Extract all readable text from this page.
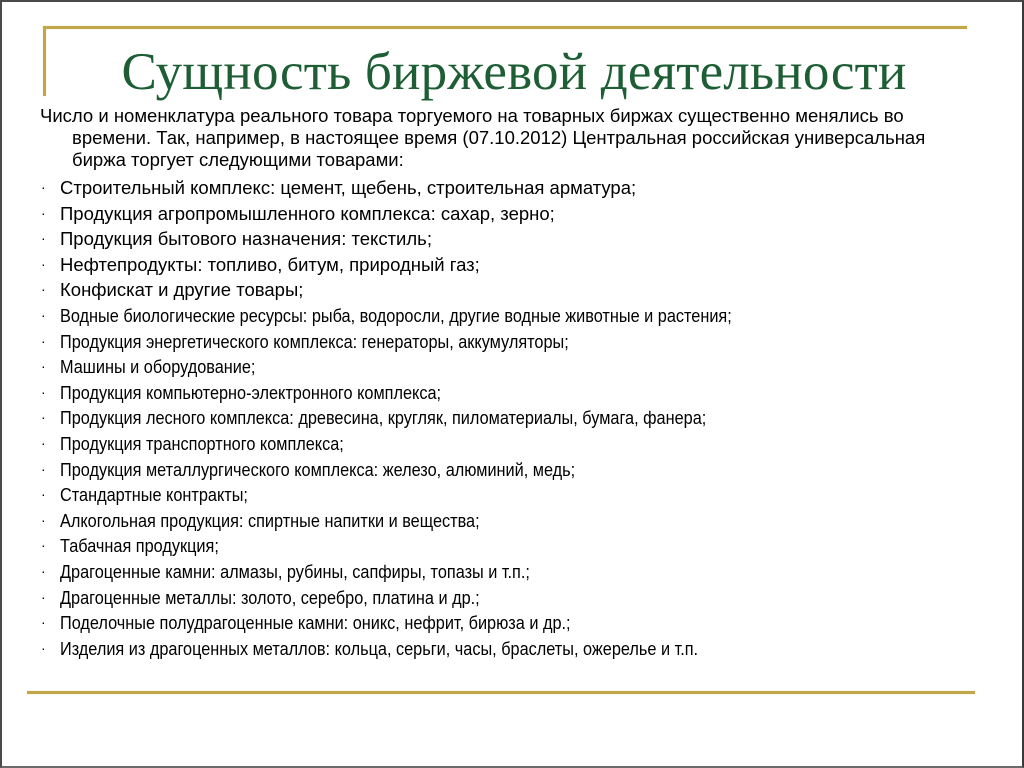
Сущность биржевой деятельности

Число и номенклатура реального товара торгуемого на товарных биржах существенно менялись во времени. Так, например, в настоящее время (07.10.2012) Центральная российская универсальная биржа торгует следующими товарами:

· Строительный комплекс: цемент, щебень, строительная арматура;
· Продукция агропромышленного комплекса: сахар, зерно;
· Продукция бытового назначения: текстиль;
· Нефтепродукты: топливо, битум, природный газ;
· Конфискат и другие товары;
· Водные биологические ресурсы: рыба, водоросли, другие водные животные и растения;
· Продукция энергетического комплекса: генераторы, аккумуляторы;
· Машины и оборудование;
· Продукция компьютерно-электронного комплекса;
· Продукция лесного комплекса: древесина, кругляк, пиломатериалы, бумага, фанера;
· Продукция транспортного комплекса;
· Продукция металлургического комплекса: железо, алюминий, медь;
· Стандартные контракты;
· Алкогольная продукция: спиртные напитки и вещества;
· Табачная продукция;
· Драгоценные камни: алмазы, рубины, сапфиры, топазы и т.п.;
· Драгоценные металлы: золото, серебро, платина и др.;
· Поделочные полудрагоценные камни: оникс, нефрит, бирюза и др.;
· Изделия из драгоценных металлов: кольца, серьги, часы, браслеты, ожерелье и т.п.
